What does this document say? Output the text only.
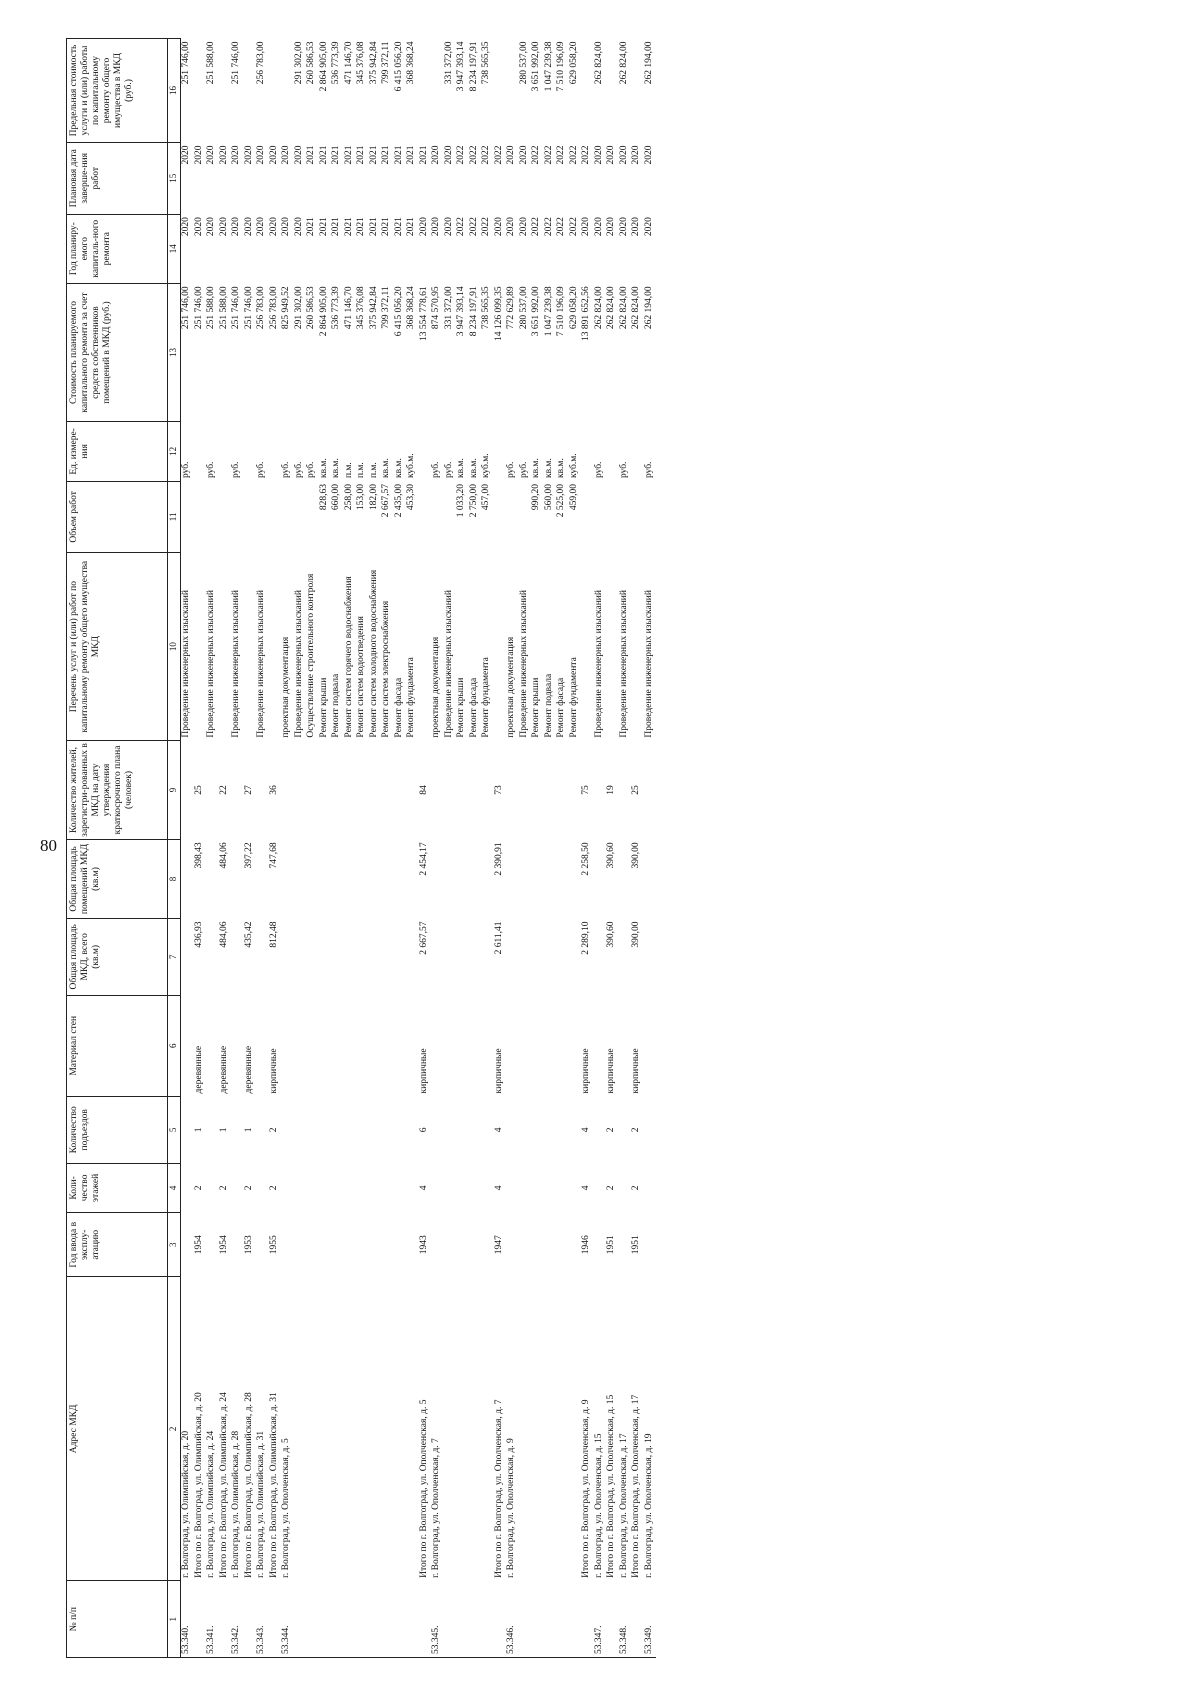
80
№ п/п	Адрес МКД	Год ввода в эксплу-атацию	Коли-чество этажей	Количество подъездов	Материал стен	Общая площадь МКД, всего (кв.м)	Общая площадь помещений МКД (кв.м)	Количество жителей, зарегистри-рованных в МКД на дату утверждения краткосрочного плана (человек)	Перечень услуг и (или) работ по капитальному ремонту общего имущества МКД	Объем работ	Ед. измере-ния	Стоимость планируемого капитального ремонта за счет средств собственников помещений в МКД (руб.)	Год планиру-емого капиталь-ного ремонта	Плановая дата заверше-ния работ	Предельная стоимость услуги и (или) работы по капитальному ремонту общего имущества в МКД (руб.)
1	2	3	4	5	6	7	8	9	10	11	12	13	14	15	16
53.340.	г. Волгоград, ул. Олимпийская, д. 20								Проведение инженерных изысканий		руб.	251 746,00	2020	2020	251 746,00
	Итого по г. Волгоград, ул. Олимпийская, д. 20	1954	2	1	деревянные	436,93	398,43	25				251 746,00	2020	2020	
53.341.	г. Волгоград, ул. Олимпийская, д. 24								Проведение инженерных изысканий		руб.	251 588,00	2020	2020	251 588,00
	Итого по г. Волгоград, ул. Олимпийская, д. 24	1954	2	1	деревянные	484,06	484,06	22				251 588,00	2020	2020	
53.342.	г. Волгоград, ул. Олимпийская, д. 28								Проведение инженерных изысканий		руб.	251 746,00	2020	2020	251 746,00
	Итого по г. Волгоград, ул. Олимпийская, д. 28	1953	2	1	деревянные	435,42	397,22	27				251 746,00	2020	2020	
53.343.	г. Волгоград, ул. Олимпийская, д. 31								Проведение инженерных изысканий		руб.	256 783,00	2020	2020	256 783,00
	Итого по г. Волгоград, ул. Олимпийская, д. 31	1955	2	2	кирпичные	812,48	747,68	36				256 783,00	2020	2020	
53.344.	г. Волгоград, ул. Ополченская, д. 5								проектная документация		руб.	825 949,52	2020	2020	
									Проведение инженерных изысканий		руб.	291 302,00	2020	2020	291 302,00
									Осуществление строительного контроля		руб.	260 586,53	2021	2021	260 586,53
									Ремонт крыши	828,63	кв.м.	2 864 905,00	2021	2021	2 864 905,00
									Ремонт подвала	660,00	кв.м.	536 773,39	2021	2021	536 773,39
									Ремонт систем горячего водоснабжения	258,00	п.м.	471 146,70	2021	2021	471 146,70
									Ремонт систем водоотведения	153,00	п.м.	345 376,08	2021	2021	345 376,08
									Ремонт систем холодного водоснабжения	182,00	п.м.	375 942,84	2021	2021	375 942,84
									Ремонт систем электроснабжения	2 667,57	кв.м.	799 372,11	2021	2021	799 372,11
									Ремонт фасада	2 435,00	кв.м.	6 415 056,20	2021	2021	6 415 056,20
									Ремонт фундамента	453,30	куб.м.	368 368,24	2021	2021	368 368,24
	Итого по г. Волгоград, ул. Ополченская, д. 5	1943	4	6	кирпичные	2 667,57	2 454,17	84				13 554 778,61	2020	2021	
53.345.	г. Волгоград, ул. Ополченская, д. 7								проектная документация		руб.	874 570,95	2020	2020	
									Проведение инженерных изысканий		руб.	331 372,00	2020	2020	331 372,00
									Ремонт крыши	1 033,20	кв.м.	3 947 393,14	2022	2022	3 947 393,14
									Ремонт фасада	2 750,00	кв.м.	8 234 197,91	2022	2022	8 234 197,91
									Ремонт фундамента	457,00	куб.м.	738 565,35	2022	2022	738 565,35
	Итого по г. Волгоград, ул. Ополченская, д. 7	1947	4	4	кирпичные	2 611,41	2 390,91	73				14 126 099,35	2020	2022	
53.346.	г. Волгоград, ул. Ополченская, д. 9								проектная документация		руб.	772 629,89	2020	2020	
									Проведение инженерных изысканий		руб.	280 537,00	2020	2020	280 537,00
									Ремонт крыши	990,20	кв.м.	3 651 992,00	2022	2022	3 651 992,00
									Ремонт подвала	560,00	кв.м.	1 047 239,38	2022	2022	1 047 239,38
									Ремонт фасада	2 525,00	кв.м.	7 510 196,09	2022	2022	7 510 196,09
									Ремонт фундамента	459,00	куб.м.	629 058,20	2022	2022	629 058,20
	Итого по г. Волгоград, ул. Ополченская, д. 9	1946	4	4	кирпичные	2 289,10	2 258,50	75				13 891 652,56	2020	2022	
53.347.	г. Волгоград, ул. Ополченская, д. 15								Проведение инженерных изысканий		руб.	262 824,00	2020	2020	262 824,00
	Итого по г. Волгоград, ул. Ополченская, д. 15	1951	2	2	кирпичные	390,60	390,60	19				262 824,00	2020	2020	
53.348.	г. Волгоград, ул. Ополченская, д. 17								Проведение инженерных изысканий		руб.	262 824,00	2020	2020	262 824,00
	Итого по г. Волгоград, ул. Ополченская, д. 17	1951	2	2	кирпичные	390,00	390,00	25				262 824,00	2020	2020	
53.349.	г. Волгоград, ул. Ополченская, д. 19								Проведение инженерных изысканий		руб.	262 194,00	2020	2020	262 194,00
